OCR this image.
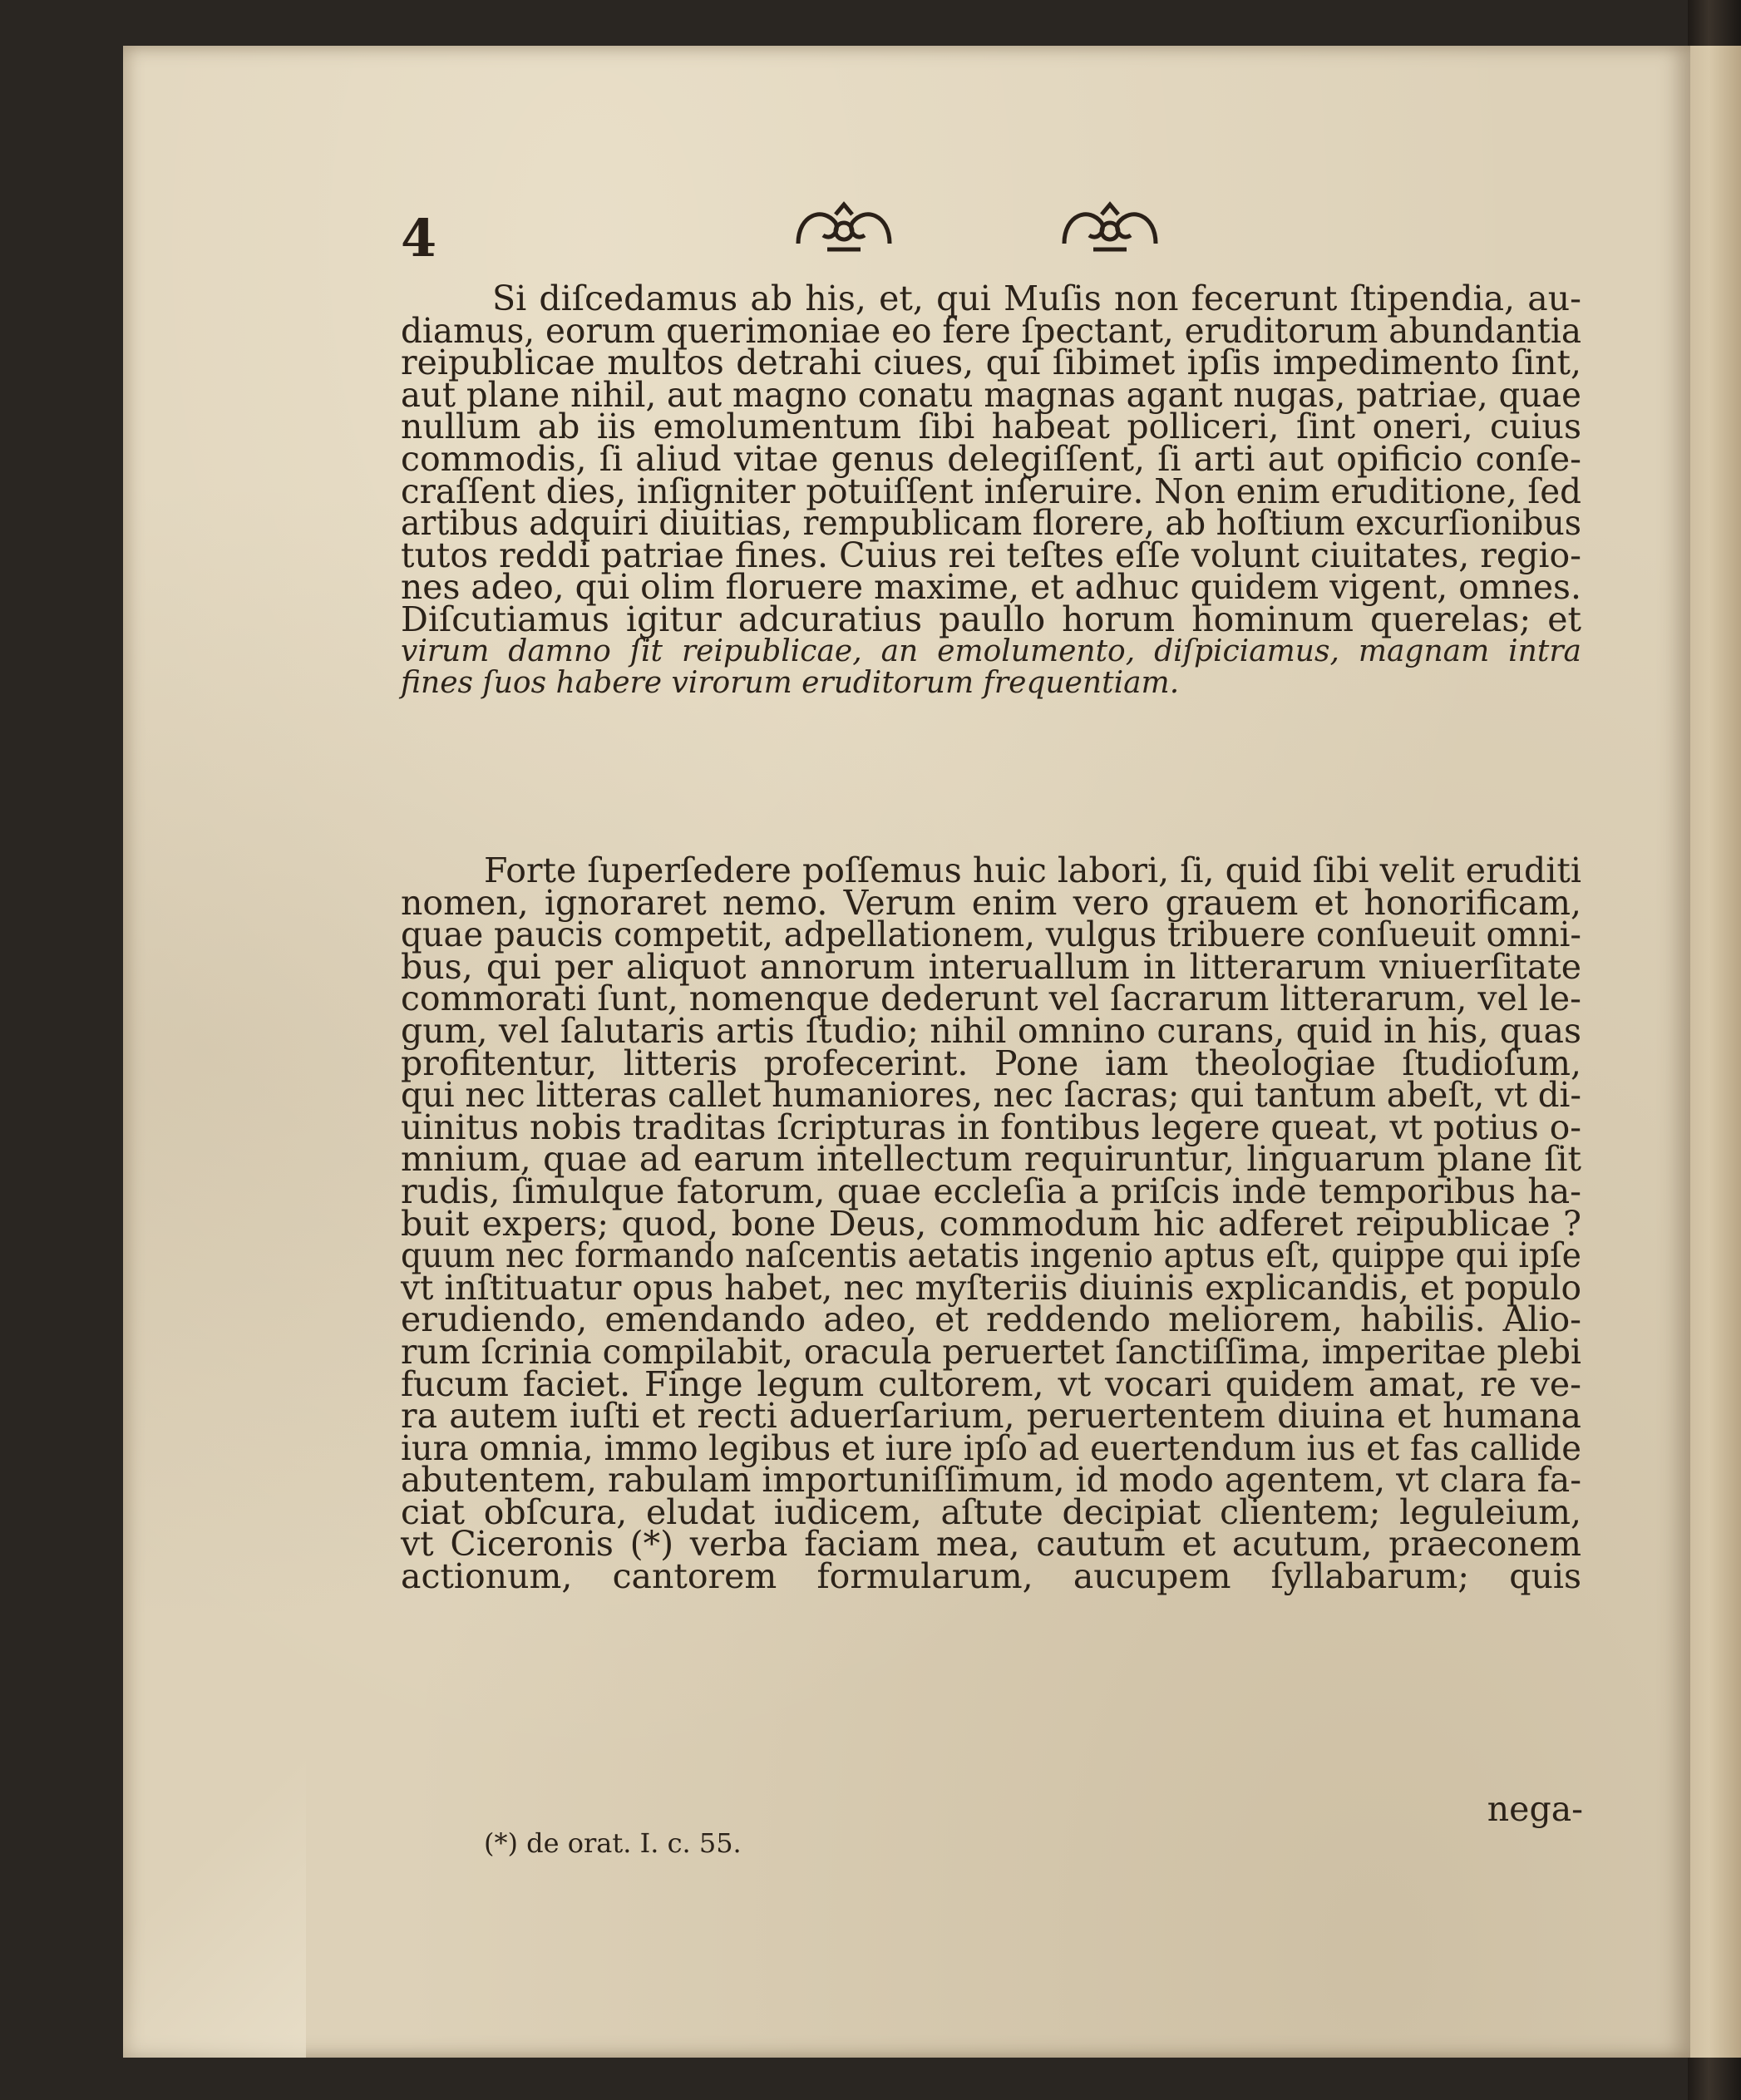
4
Si diſcedamus ab his, et, qui Muſis non fecerunt ſtipendia, au-
diamus, eorum querimoniae eo fere ſpectant, eruditorum abundantia
reipublicae multos detrahi ciues, qui ſibimet ipſis impedimento ſint,
aut plane nihil, aut magno conatu magnas agant nugas, patriae, quae
nullum ab iis emolumentum ſibi habeat polliceri, ſint oneri, cuius
commodis, ſi aliud vitae genus delegiſſent, ſi arti aut opificio conſe-
craſſent dies, inſigniter potuiſſent inſeruire. Non enim eruditione, ſed
artibus adquiri diuitias, rempublicam florere, ab hoſtium excurſionibus
tutos reddi patriae fines. Cuius rei teſtes eſſe volunt ciuitates, regio-
nes adeo, qui olim floruere maxime, et adhuc quidem vigent, omnes.
Diſcutiamus igitur adcuratius paullo horum hominum querelas; et
virum damno ſit reipublicae, an emolumento, diſpiciamus, magnam intra
fines ſuos habere virorum eruditorum frequentiam.
Forte ſuperſedere poſſemus huic labori, ſi, quid ſibi velit eruditi
nomen, ignoraret nemo. Verum enim vero grauem et honorificam,
quae paucis competit, adpellationem, vulgus tribuere conſueuit omni-
bus, qui per aliquot annorum interuallum in litterarum vniuerſitate
commorati ſunt, nomenque dederunt vel ſacrarum litterarum, vel le-
gum, vel ſalutaris artis ſtudio; nihil omnino curans, quid in his, quas
profitentur, litteris profecerint. Pone iam theologiae ſtudioſum,
qui nec litteras callet humaniores, nec ſacras; qui tantum abeſt, vt di-
uinitus nobis traditas ſcripturas in fontibus legere queat, vt potius o-
mnium, quae ad earum intellectum requiruntur, linguarum plane ſit
rudis, ſimulque fatorum, quae eccleſia a priſcis inde temporibus ha-
buit expers; quod, bone Deus, commodum hic adferet reipublicae ?
quum nec formando naſcentis aetatis ingenio aptus eſt, quippe qui ipſe
vt inſtituatur opus habet, nec myſteriis diuinis explicandis, et populo
erudiendo, emendando adeo, et reddendo meliorem, habilis. Alio-
rum ſcrinia compilabit, oracula peruertet ſanctiſſima, imperitae plebi
fucum faciet. Finge legum cultorem, vt vocari quidem amat, re ve-
ra autem iuſti et recti aduerſarium, peruertentem diuina et humana
iura omnia, immo legibus et iure ipſo ad euertendum ius et fas callide
abutentem, rabulam importuniſſimum, id modo agentem, vt clara fa-
ciat obſcura, eludat iudicem, aſtute decipiat clientem; leguleium,
vt Ciceronis (*) verba faciam mea, cautum et acutum, praeconem
actionum, cantorem formularum, aucupem ſyllabarum; quis
nega-
(*) de orat. I. c. 55.
